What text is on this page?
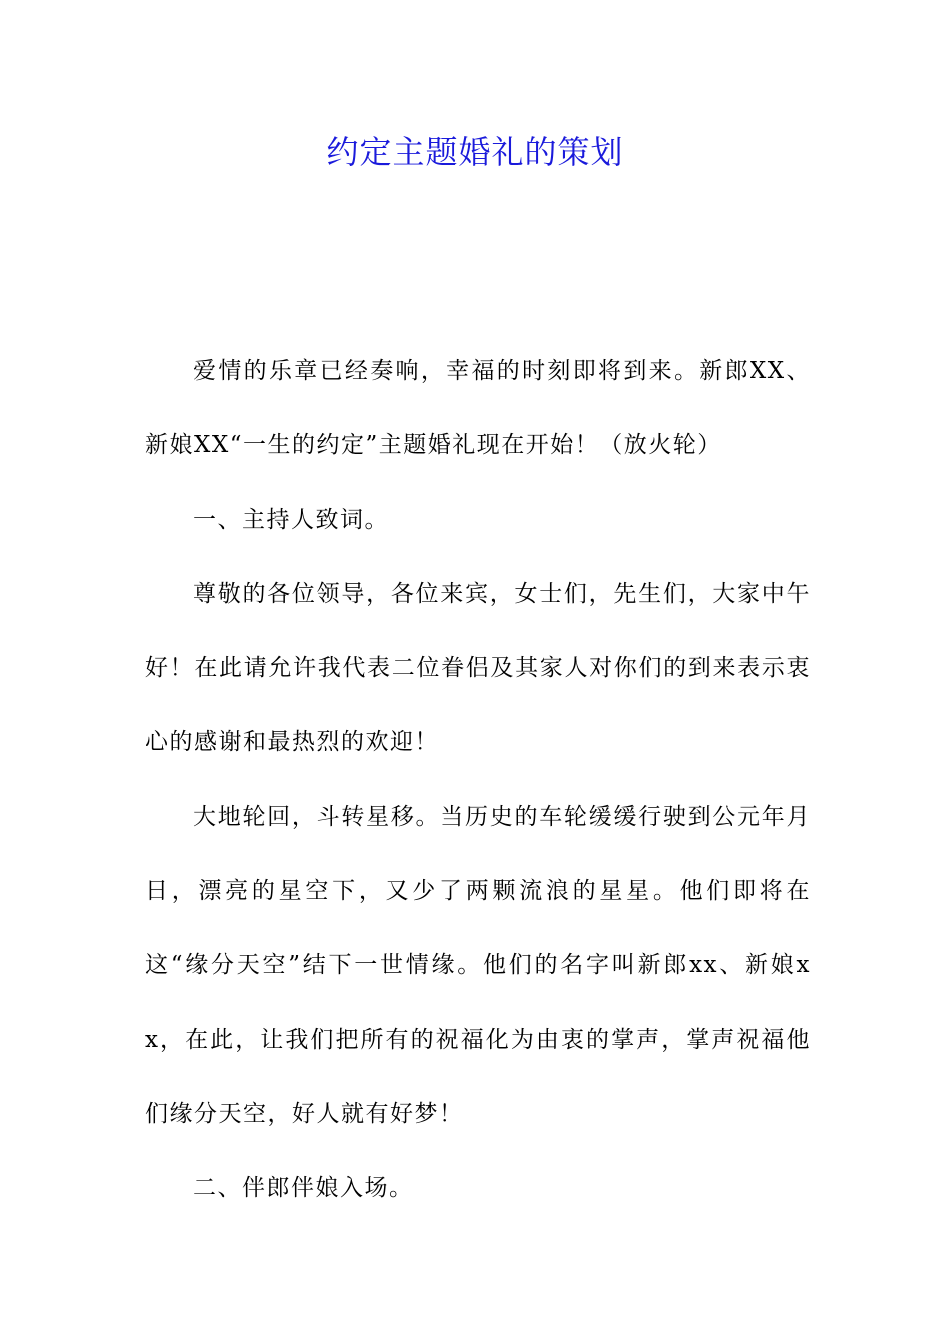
约定主题婚礼的策划

爱情的乐章已经奏响，幸福的时刻即将到来。新郎XX、新娘XX“一生的约定”主题婚礼现在开始！（放火轮）

一、主持人致词。

尊敬的各位领导，各位来宾，女士们，先生们，大家中午好！在此请允许我代表二位眷侣及其家人对你们的到来表示衷心的感谢和最热烈的欢迎！

大地轮回，斗转星移。当历史的车轮缓缓行驶到公元年月日，漂亮的星空下，又少了两颗流浪的星星。他们即将在这“缘分天空”结下一世情缘。他们的名字叫新郎xx、新娘xx，在此，让我们把所有的祝福化为由衷的掌声，掌声祝福他们缘分天空，好人就有好梦！

二、伴郎伴娘入场。
